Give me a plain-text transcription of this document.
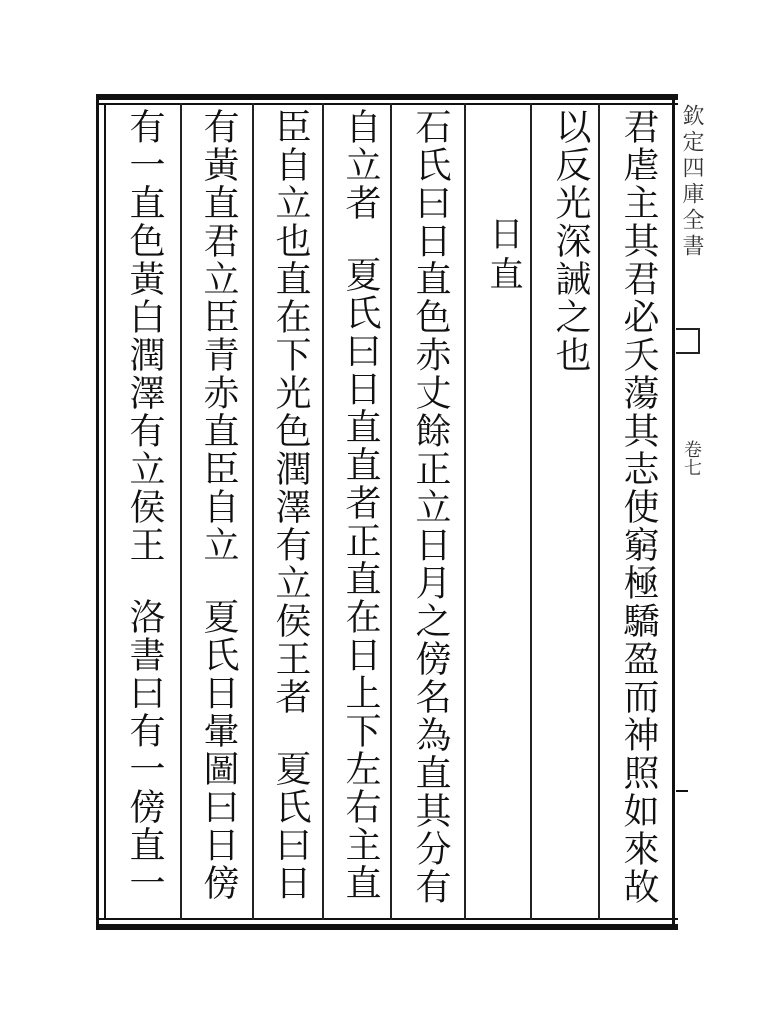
欽定四庫全書
卷七
君虐主其君必夭蕩其志使窮極驕盈而神照如來故
以反光深誡之也
日直
石氏曰日直色赤丈餘正立日月之傍名為直其分有
自立者夏氏曰日直直者正直在日上下左右主直
臣自立也直在下光色潤澤有立侯王者夏氏曰日
有黃直君立臣青赤直臣自立夏氏日暈圖曰日傍
有一直色黃白潤澤有立侯王洛書曰有一傍直一
